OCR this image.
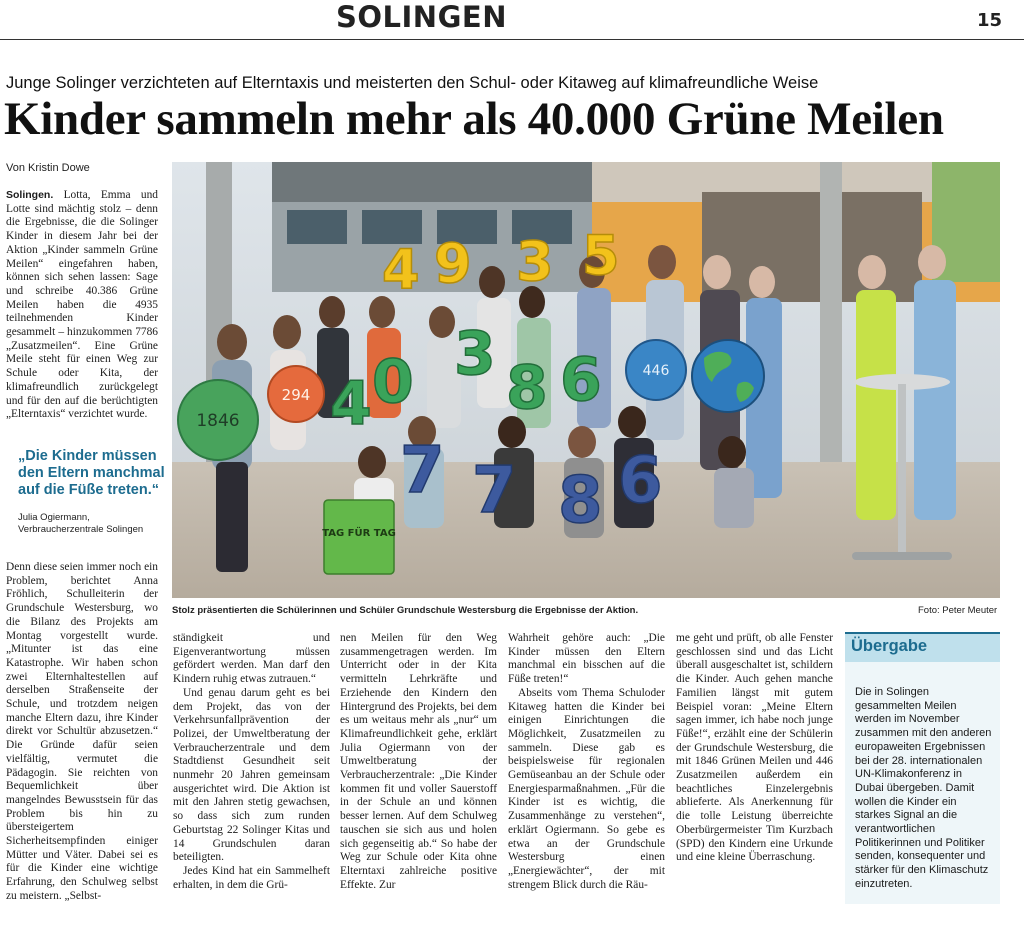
SOLINGEN	15
Junge Solinger verzichteten auf Elterntaxis und meisterten den Schul- oder Kitaweg auf klimafreundliche Weise
Kinder sammeln mehr als 40.000 Grüne Meilen
Von Kristin Dowe

Solingen. Lotta, Emma und Lotte sind mächtig stolz – denn die Ergebnisse, die die Solinger Kinder in diesem Jahr bei der Aktion „Kinder sammeln Grüne Meilen“ eingefahren haben, können sich sehen lassen: Sage und schreibe 40.386 Grüne Meilen haben die 4935 teilnehmenden Kinder gesammelt – hinzukommen 7786 „Zusatzmeilen“. Eine Grüne Meile steht für einen Weg zur Schule oder Kita, der klimafreundlich zurückgelegt und für den auf die berüchtigten „Elterntaxis“ verzichtet wurde.

„Die Kinder müssen den Eltern manchmal auf die Füße treten.“
Julia Ogiermann,
Verbraucherzentrale Solingen

Denn diese seien immer noch ein Problem, berichtet Anna Fröhlich, Schulleiterin der Grundschule Westersburg, wo die Bilanz des Projekts am Montag vorgestellt wurde. „Mitunter ist das eine Katastrophe. Wir haben schon zwei Elternhaltestellen auf derselben Straßenseite der Schule, und trotzdem neigen manche Eltern dazu, ihre Kinder direkt vor Schultür abzusetzen.“ Die Gründe dafür seien vielfältig, vermutet die Pädagogin. Sie reichten von Bequemlichkeit über mangelndes Bewusstsein für das Problem bis hin zu übersteigertem Sicherheitsempfinden einiger Mütter und Väter. Dabei sei es für die Kinder eine wichtige Erfahrung, den Schulweg selbst zu meistern. „Selbst-

4 9 3 5
4 0 3 8 6
7 7 8 6
1846
294
446
TAG FÜR TAG
Stolz präsentierten die Schülerinnen und Schüler Grundschule Westersburg die Ergebnisse der Aktion.	Foto: Peter Meuter

ständigkeit und Eigenverantwortung müssen gefördert werden. Man darf den Kindern ruhig etwas zutrauen.“

Und genau darum geht es bei dem Projekt, das von der Verkehrsunfallprävention der Polizei, der Umweltberatung der Verbraucherzentrale und dem Stadtdienst Gesundheit seit nunmehr 20 Jahren gemeinsam ausgerichtet wird. Die Aktion ist mit den Jahren stetig gewachsen, so dass sich zum runden Geburtstag 22 Solinger Kitas und 14 Grundschulen daran beteiligten.

Jedes Kind hat ein Sammelheft erhalten, in dem die Grü-

nen Meilen für den Weg zusammengetragen werden. Im Unterricht oder in der Kita vermitteln Lehrkräfte und Erziehende den Kindern den Hintergrund des Projekts, bei dem es um weitaus mehr als „nur“ um Klimafreundlichkeit gehe, erklärt Julia Ogiermann von der Umweltberatung der Verbraucherzentrale: „Die Kinder kommen fit und voller Sauerstoff in der Schule an und können besser lernen. Auf dem Schulweg tauschen sie sich aus und holen sich gegenseitig ab.“ So habe der Weg zur Schule oder Kita ohne Elterntaxi zahlreiche positive Effekte. Zur

Wahrheit gehöre auch: „Die Kinder müssen den Eltern manchmal ein bisschen auf die Füße treten!“

Abseits vom Thema Schuloder Kitaweg hatten die Kinder bei einigen Einrichtungen die Möglichkeit, Zusatzmeilen zu sammeln. Diese gab es beispielsweise für regionalen Gemüseanbau an der Schule oder Energiesparmaßnahmen. „Für die Kinder ist es wichtig, die Zusammenhänge zu verstehen“, erklärt Ogiermann. So gebe es etwa an der Grundschule Westersburg einen „Energiewächter“, der mit strengem Blick durch die Räu-

me geht und prüft, ob alle Fenster geschlossen sind und das Licht überall ausgeschaltet ist, schildern die Kinder. Auch gehen manche Familien längst mit gutem Beispiel voran: „Meine Eltern sagen immer, ich habe noch junge Füße!“, erzählt eine der Schülerin der Grundschule Westersburg, die mit 1846 Grünen Meilen und 446 Zusatzmeilen außerdem ein beachtliches Einzelergebnis ablieferte. Als Anerkennung für die tolle Leistung überreichte Oberbürgermeister Tim Kurzbach (SPD) den Kindern eine Urkunde und eine kleine Überraschung.

Übergabe
Die in Solingen gesammelten Meilen werden im November zusammen mit den anderen europaweiten Ergebnissen bei der 28. internationalen UN-Klimakonferenz in Dubai übergeben. Damit wollen die Kinder ein starkes Signal an die verantwortlichen Politikerinnen und Politiker senden, konsequenter und stärker für den Klimaschutz einzutreten.
